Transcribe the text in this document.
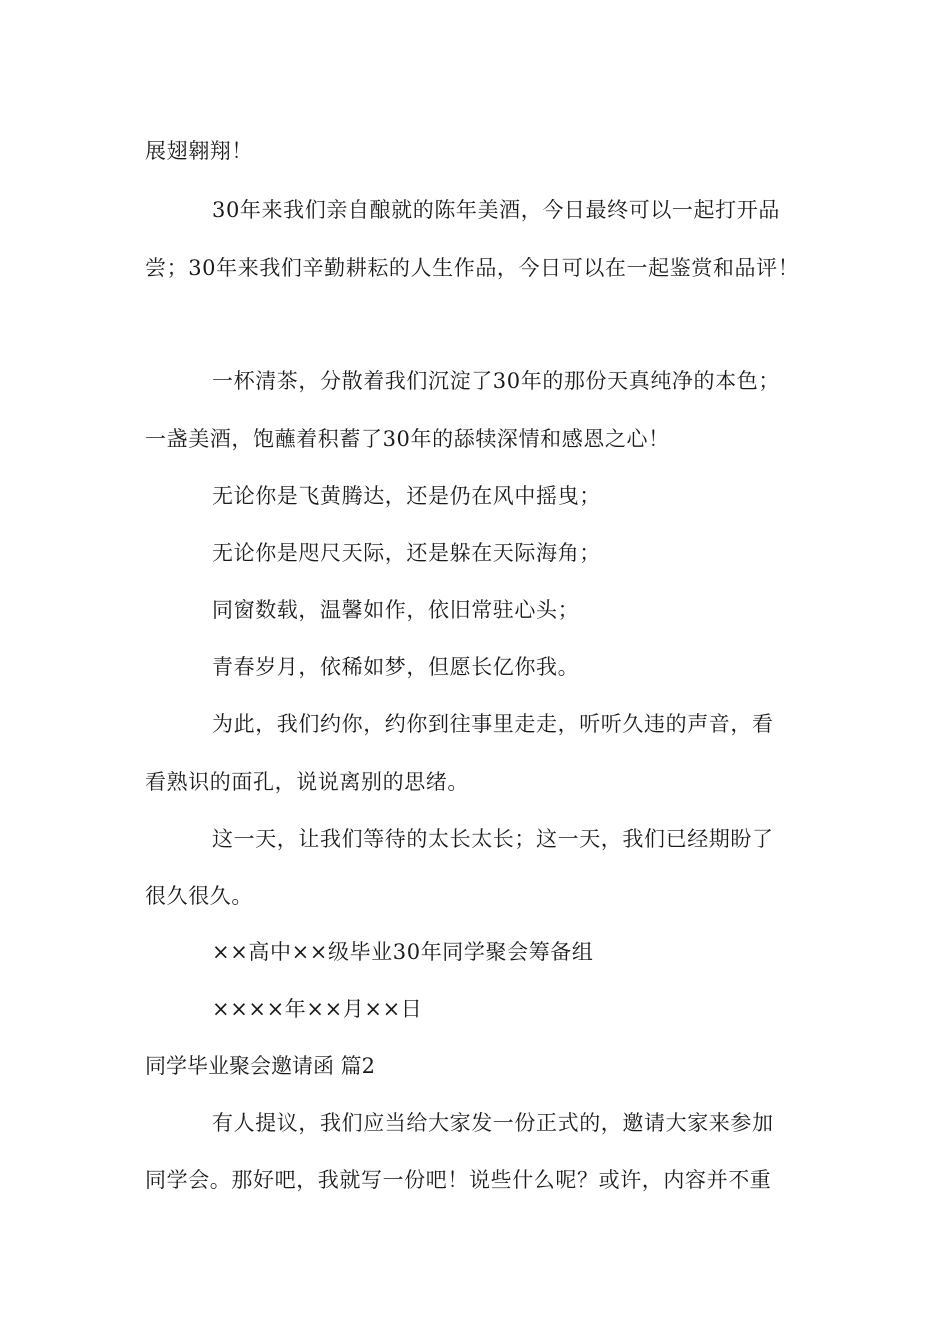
展翅翱翔！
30年来我们亲自酿就的陈年美酒，今日最终可以一起打开品
尝；30年来我们辛勤耕耘的人生作品，今日可以在一起鉴赏和品评！
一杯清茶，分散着我们沉淀了30年的那份天真纯净的本色；
一盏美酒，饱蘸着积蓄了30年的舔犊深情和感恩之心！
无论你是飞黄腾达，还是仍在风中摇曳；
无论你是咫尺天际，还是躲在天际海角；
同窗数载，温馨如作，依旧常驻心头；
青春岁月，依稀如梦，但愿长亿你我。
为此，我们约你，约你到往事里走走，听听久违的声音，看
看熟识的面孔，说说离别的思绪。
这一天，让我们等待的太长太长；这一天，我们已经期盼了
很久很久。
××高中××级毕业30年同学聚会筹备组
××××年××月××日
同学毕业聚会邀请函 篇2
有人提议，我们应当给大家发一份正式的，邀请大家来参加
同学会。那好吧，我就写一份吧！说些什么呢？或许，内容并不重
